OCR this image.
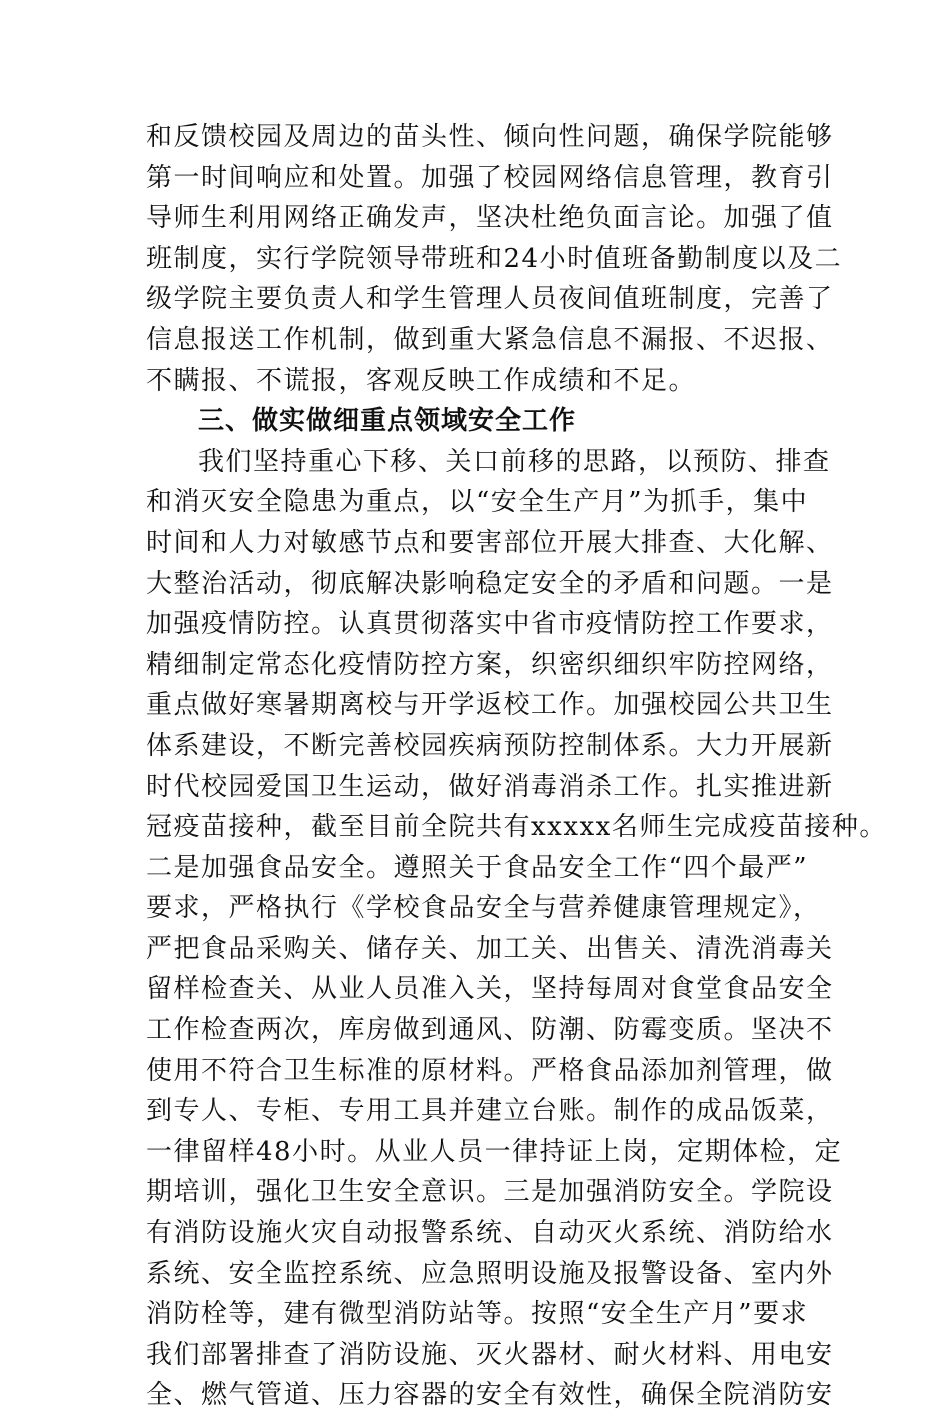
和反馈校园及周边的苗头性、倾向性问题，确保学院能够
第一时间响应和处置。加强了校园网络信息管理，教育引
导师生利用网络正确发声，坚决杜绝负面言论。加强了值
班制度，实行学院领导带班和24小时值班备勤制度以及二
级学院主要负责人和学生管理人员夜间值班制度，完善了
信息报送工作机制，做到重大紧急信息不漏报、不迟报、
不瞒报、不谎报，客观反映工作成绩和不足。
三、做实做细重点领域安全工作
我们坚持重心下移、关口前移的思路，以预防、排查
和消灭安全隐患为重点，以“安全生产月”为抓手，集中
时间和人力对敏感节点和要害部位开展大排查、大化解、
大整治活动，彻底解决影响稳定安全的矛盾和问题。一是
加强疫情防控。认真贯彻落实中省市疫情防控工作要求，
精细制定常态化疫情防控方案，织密织细织牢防控网络，
重点做好寒暑期离校与开学返校工作。加强校园公共卫生
体系建设，不断完善校园疾病预防控制体系。大力开展新
时代校园爱国卫生运动，做好消毒消杀工作。扎实推进新
冠疫苗接种，截至目前全院共有xxxxx名师生完成疫苗接种。
二是加强食品安全。遵照关于食品安全工作“四个最严”
要求，严格执行《学校食品安全与营养健康管理规定》，
严把食品采购关、储存关、加工关、出售关、清洗消毒关
留样检查关、从业人员准入关，坚持每周对食堂食品安全
工作检查两次，库房做到通风、防潮、防霉变质。坚决不
使用不符合卫生标准的原材料。严格食品添加剂管理，做
到专人、专柜、专用工具并建立台账。制作的成品饭菜，
一律留样48小时。从业人员一律持证上岗，定期体检，定
期培训，强化卫生安全意识。三是加强消防安全。学院设
有消防设施火灾自动报警系统、自动灭火系统、消防给水
系统、安全监控系统、应急照明设施及报警设备、室内外
消防栓等，建有微型消防站等。按照“安全生产月”要求
我们部署排查了消防设施、灭火器材、耐火材料、用电安
全、燃气管道、压力容器的安全有效性，确保全院消防安
